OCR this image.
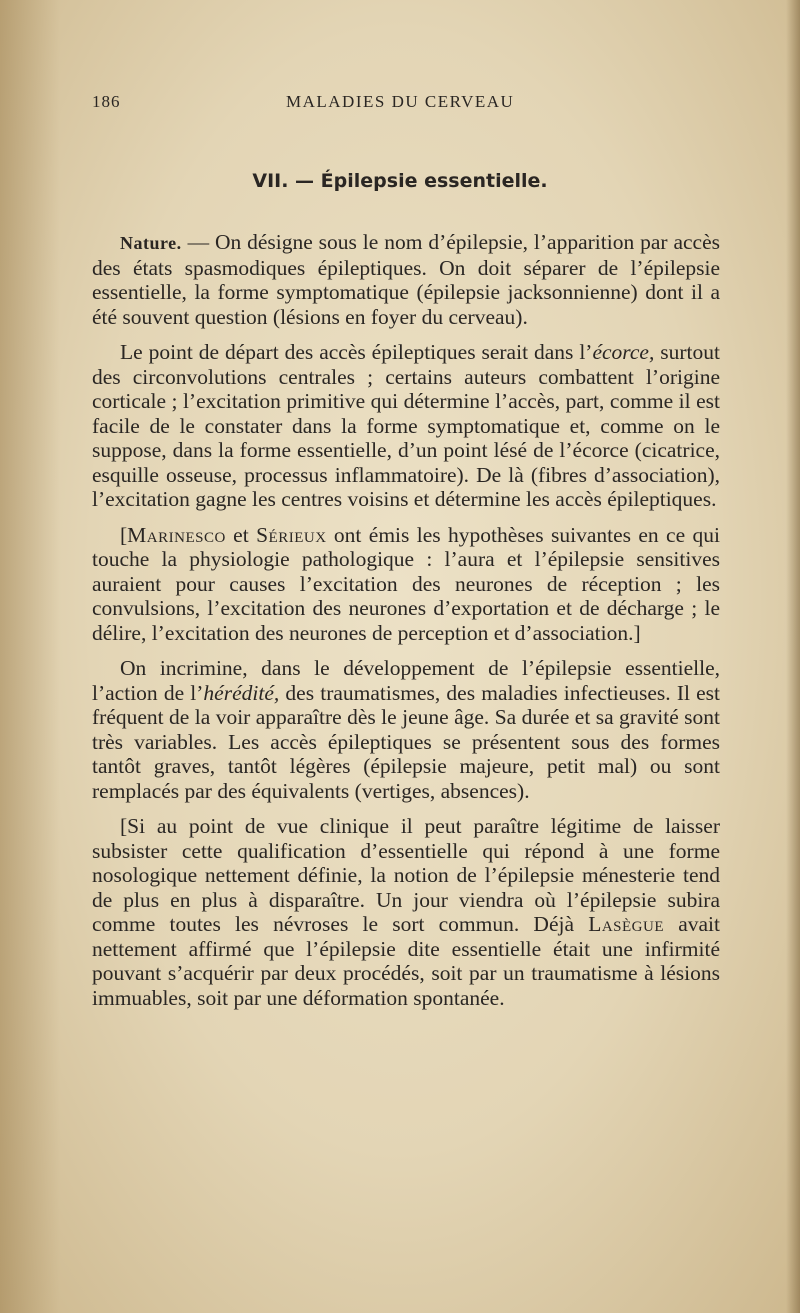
186	MALADIES DU CERVEAU
VII. — Épilepsie essentielle.

Nature. — On désigne sous le nom d’épilepsie, l’apparition par accès des états spasmodiques épileptiques. On doit séparer de l’épilepsie essentielle, la forme symptomatique (épilepsie jacksonnienne) dont il a été souvent question (lésions en foyer du cerveau).

Le point de départ des accès épileptiques serait dans l’écorce, surtout des circonvolutions centrales ; certains auteurs combattent l’origine corticale ; l’excitation primitive qui détermine l’accès, part, comme il est facile de le constater dans la forme symptomatique et, comme on le suppose, dans la forme essentielle, d’un point lésé de l’écorce (cicatrice, esquille osseuse, processus inflammatoire). De là (fibres d’association), l’excitation gagne les centres voisins et détermine les accès épileptiques.

[Marinesco et Sérieux ont émis les hypothèses suivantes en ce qui touche la physiologie pathologique : l’aura et l’épilepsie sensitives auraient pour causes l’excitation des neurones de réception ; les convulsions, l’excitation des neurones d’exportation et de décharge ; le délire, l’excitation des neurones de perception et d’association.]

On incrimine, dans le développement de l’épilepsie essentielle, l’action de l’hérédité, des traumatismes, des maladies infectieuses. Il est fréquent de la voir apparaître dès le jeune âge. Sa durée et sa gravité sont très variables. Les accès épileptiques se présentent sous des formes tantôt graves, tantôt légères (épilepsie majeure, petit mal) ou sont remplacés par des équivalents (vertiges, absences).

[Si au point de vue clinique il peut paraître légitime de laisser subsister cette qualification d’essentielle qui répond à une forme nosologique nettement définie, la notion de l’épilepsie ménesterie tend de plus en plus à disparaître. Un jour viendra où l’épilepsie subira comme toutes les névroses le sort commun. Déjà Lasègue avait nettement affirmé que l’épilepsie dite essentielle était une infirmité pouvant s’acquérir par deux procédés, soit par un traumatisme à lésions immuables, soit par une déformation spontanée.
